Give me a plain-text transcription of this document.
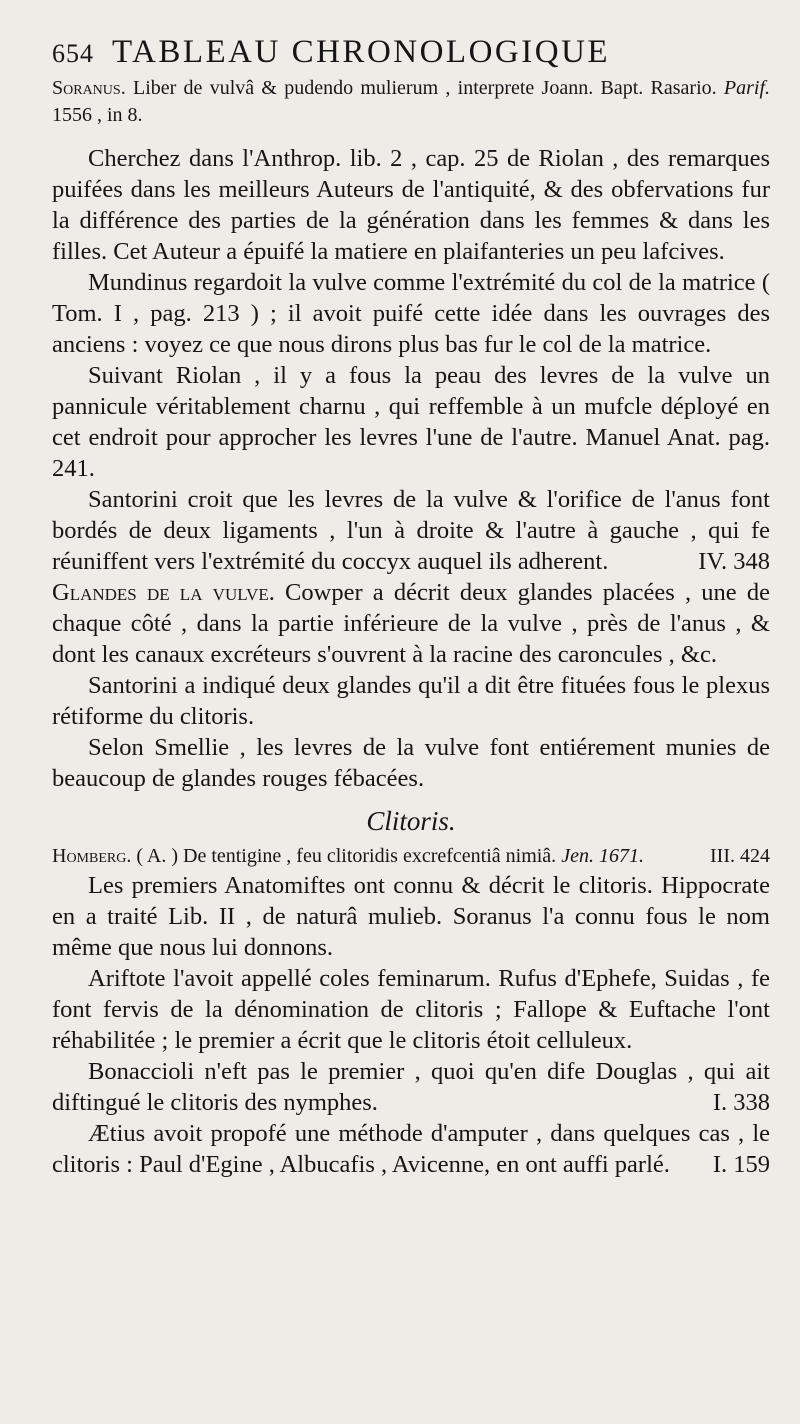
654 TABLEAU CHRONOLOGIQUE

Soranus. Liber de vulvâ & pudendo mulierum , interprete Joann. Bapt. Rasario. Parif. 1556 , in 8.

Cherchez dans l'Anthrop. lib. 2 , cap. 25 de Riolan , des remarques puifées dans les meilleurs Auteurs de l'antiquité, & des obfervations fur la différence des parties de la génération dans les femmes & dans les filles. Cet Auteur a épuifé la matiere en plaifanteries un peu lafcives.

Mundinus regardoit la vulve comme l'extrémité du col de la matrice ( Tom. I , pag. 213 ) ; il avoit puifé cette idée dans les ouvrages des anciens : voyez ce que nous dirons plus bas fur le col de la matrice.

Suivant Riolan , il y a fous la peau des levres de la vulve un pannicule véritablement charnu , qui reffemble à un mufcle déployé en cet endroit pour approcher les levres l'une de l'autre. Manuel Anat. pag. 241.

Santorini croit que les levres de la vulve & l'orifice de l'anus font bordés de deux ligaments , l'un à droite & l'autre à gauche , qui fe réuniffent vers l'extrémité du coccyx auquel ils adherent.	IV. 348

Glandes de la vulve. Cowper a décrit deux glandes placées , une de chaque côté , dans la partie inférieure de la vulve , près de l'anus , & dont les canaux excréteurs s'ouvrent à la racine des caroncules , &c.

Santorini a indiqué deux glandes qu'il a dit être fituées fous le plexus rétiforme du clitoris.

Selon Smellie , les levres de la vulve font entiérement munies de beaucoup de glandes rouges fébacées.

Clitoris.

Homberg. ( A. ) De tentigine , feu clitoridis excrefcentiâ nimiâ. Jen. 1671.	III. 424

Les premiers Anatomiftes ont connu & décrit le clitoris. Hippocrate en a traité Lib. II , de naturâ mulieb. Soranus l'a connu fous le nom même que nous lui donnons.

Ariftote l'avoit appellé coles feminarum. Rufus d'Ephefe, Suidas , fe font fervis de la dénomination de clitoris ; Fallope & Euftache l'ont réhabilitée ; le premier a écrit que le clitoris étoit celluleux.

Bonaccioli n'eft pas le premier , quoi qu'en dife Douglas , qui ait diftingué le clitoris des nymphes.	I. 338

Ætius avoit propofé une méthode d'amputer , dans quelques cas , le clitoris : Paul d'Egine , Albucafis , Avicenne, en ont auffi parlé.	I. 159
